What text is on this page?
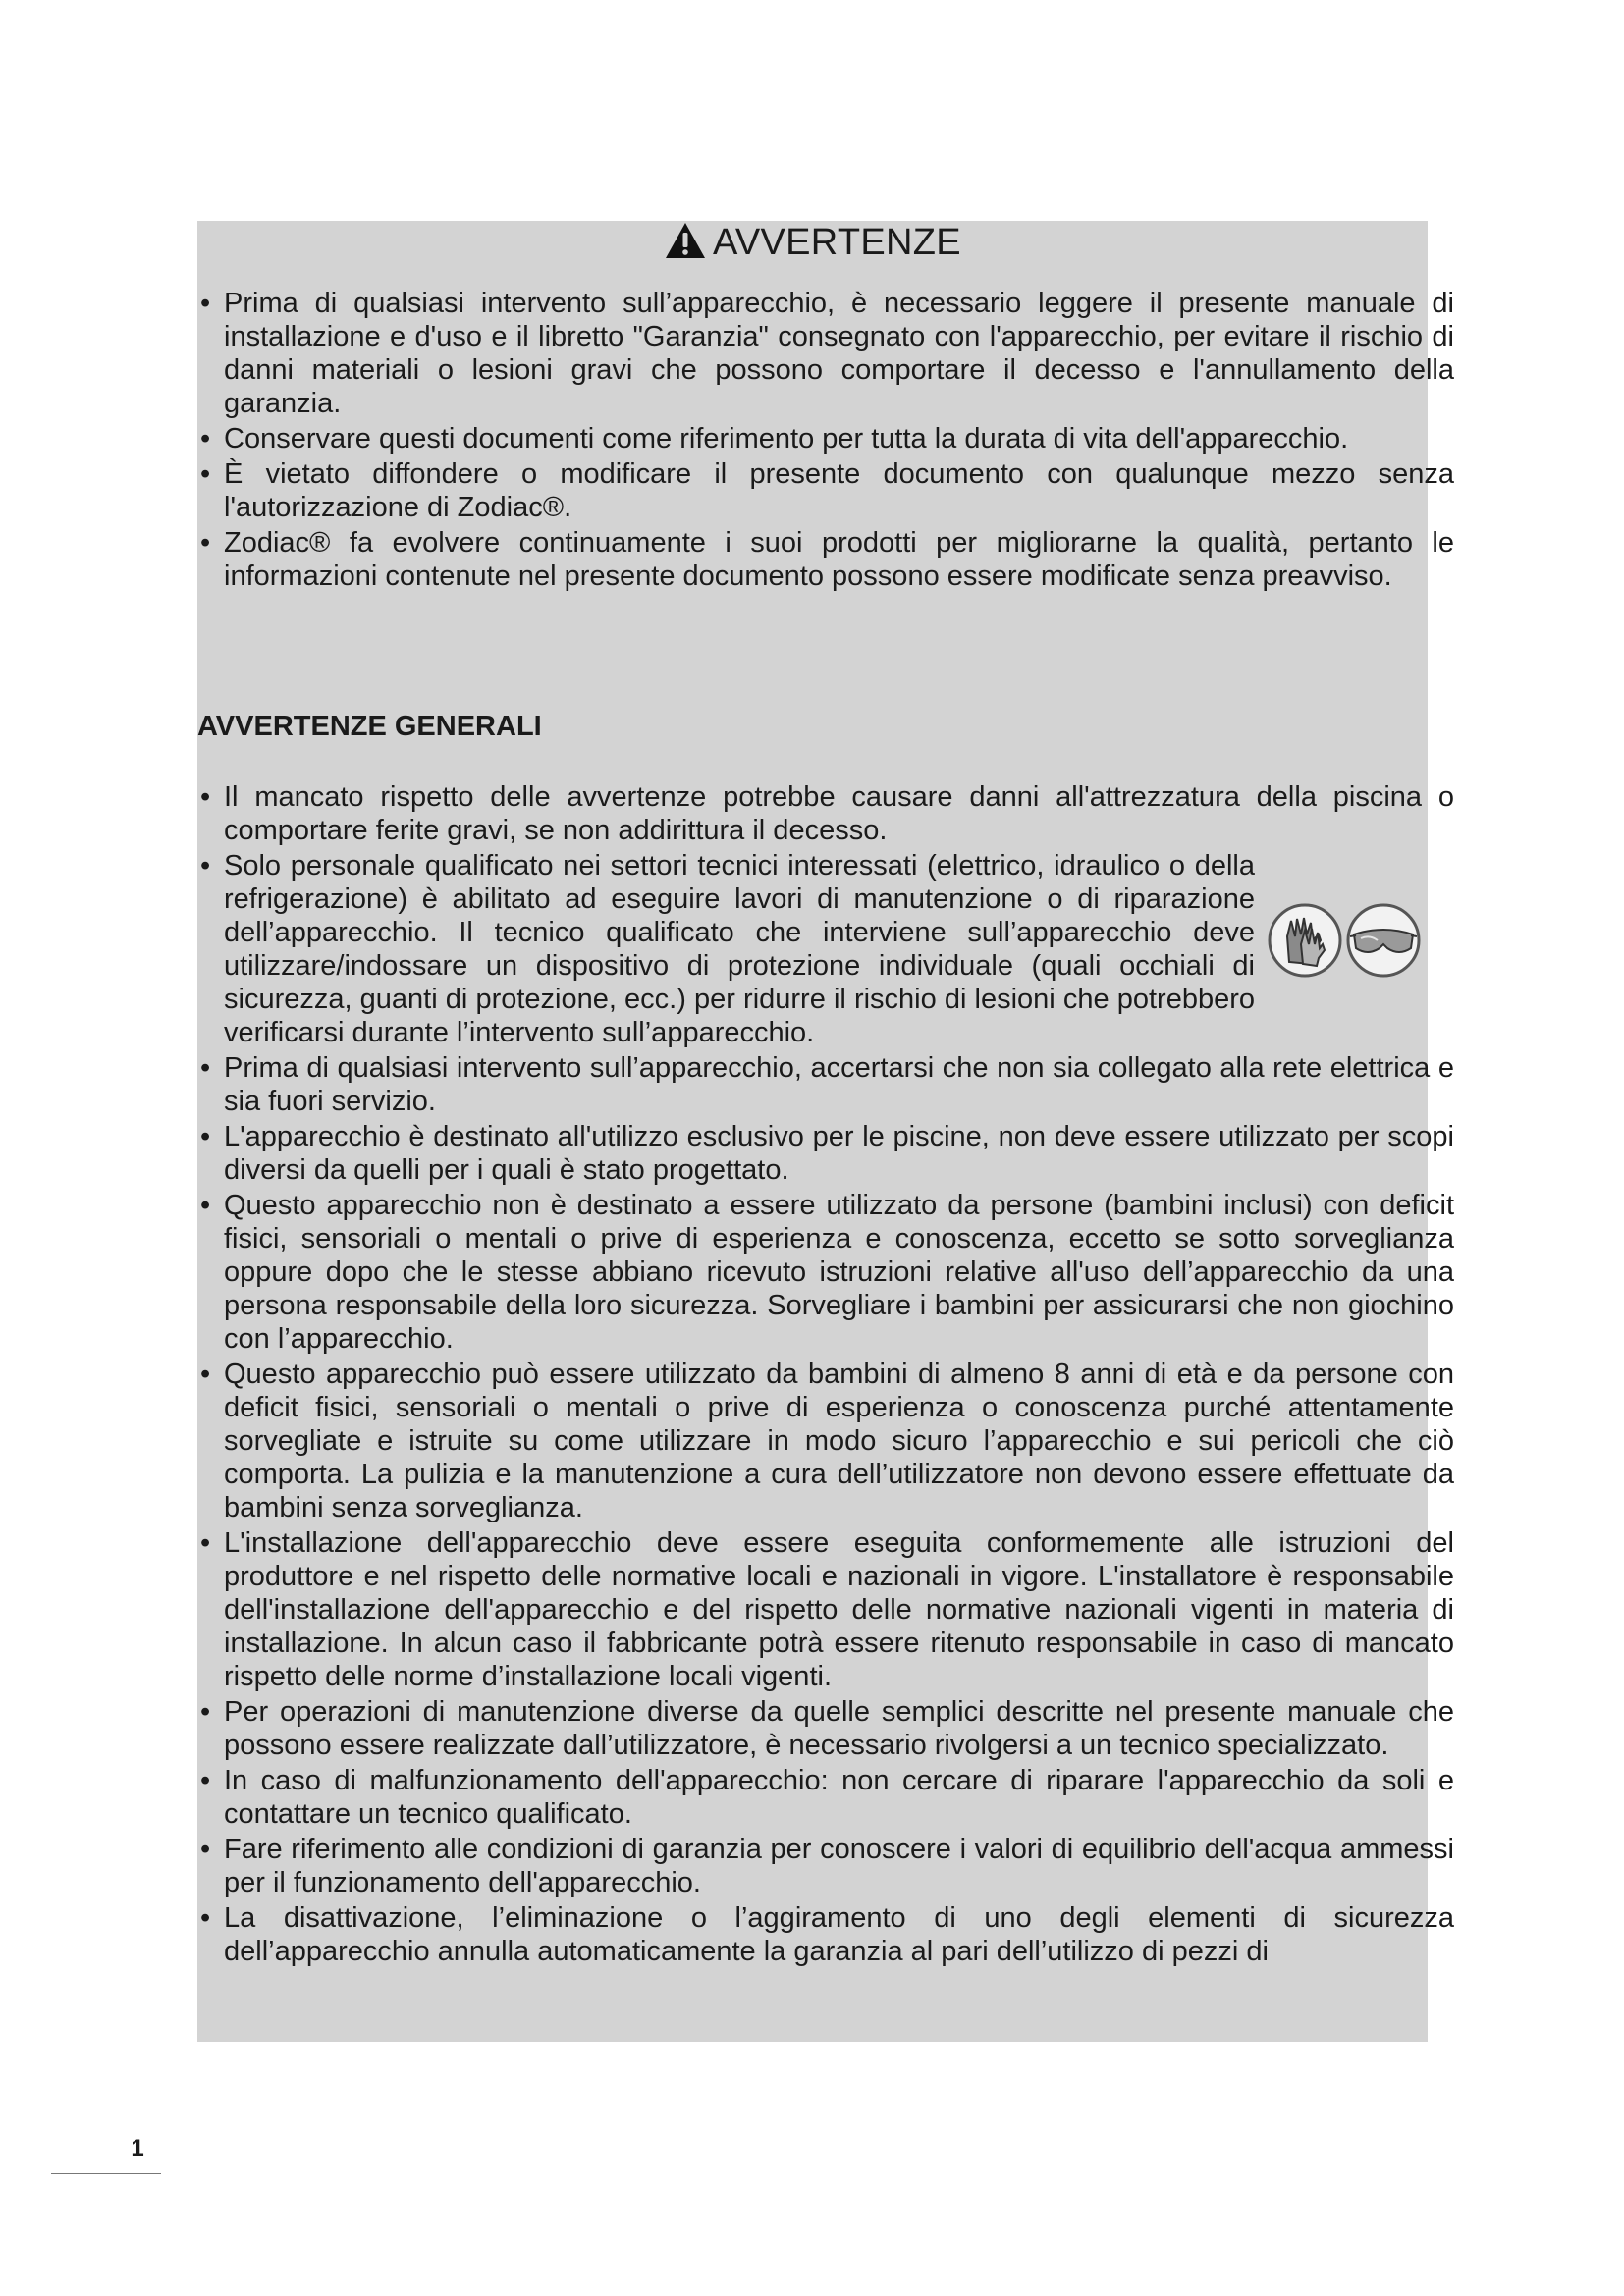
AVVERTENZE
• Prima di qualsiasi intervento sull’apparecchio, è necessario leggere il presente manuale di installazione e d'uso e il libretto "Garanzia" consegnato con l'apparecchio, per evitare il rischio di danni materiali o lesioni gravi che possono comportare il decesso e l'annullamento della garanzia.
• Conservare questi documenti come riferimento per tutta la durata di vita dell'apparecchio.
• È vietato diffondere o modificare il presente documento con qualunque mezzo senza l'autorizzazione di Zodiac®.
• Zodiac® fa evolvere continuamente i suoi prodotti per migliorarne la qualità, pertanto le informazioni contenute nel presente documento possono essere modificate senza preavviso.
AVVERTENZE GENERALI
• Il mancato rispetto delle avvertenze potrebbe causare danni all'attrezzatura della piscina o comportare ferite gravi, se non addirittura il decesso.
• Solo personale qualificato nei settori tecnici interessati (elettrico, idraulico o della refrigerazione) è abilitato ad eseguire lavori di manutenzione o di riparazione dell’apparecchio. Il tecnico qualificato che interviene sull’apparecchio deve utilizzare/indossare un dispositivo di protezione individuale (quali occhiali di sicurezza, guanti di protezione, ecc.) per ridurre il rischio di lesioni che potrebbero verificarsi durante l’intervento sull’apparecchio.
• Prima di qualsiasi intervento sull’apparecchio, accertarsi che non sia collegato alla rete elettrica e sia fuori servizio.
• L'apparecchio è destinato all'utilizzo esclusivo per le piscine, non deve essere utilizzato per scopi diversi da quelli per i quali è stato progettato.
• Questo apparecchio non è destinato a essere utilizzato da persone (bambini inclusi) con deficit fisici, sensoriali o mentali o prive di esperienza e conoscenza, eccetto se sotto sorveglianza oppure dopo che le stesse abbiano ricevuto istruzioni relative all'uso dell’apparecchio da una persona responsabile della loro sicurezza. Sorvegliare i bambini per assicurarsi che non giochino con l’apparecchio.
• Questo apparecchio può essere utilizzato da bambini di almeno 8 anni di età e da persone con deficit fisici, sensoriali o mentali o prive di esperienza o conoscenza purché attentamente sorvegliate e istruite su come utilizzare in modo sicuro l’apparecchio e sui pericoli che ciò comporta. La pulizia e la manutenzione a cura dell’utilizzatore non devono essere effettuate da bambini senza sorveglianza.
• L'installazione dell'apparecchio deve essere eseguita conformemente alle istruzioni del produttore e nel rispetto delle normative locali e nazionali in vigore. L'installatore è responsabile dell'installazione dell'apparecchio e del rispetto delle normative nazionali vigenti in materia di installazione. In alcun caso il fabbricante potrà essere ritenuto responsabile in caso di mancato rispetto delle norme d’installazione locali vigenti.
• Per operazioni di manutenzione diverse da quelle semplici descritte nel presente manuale che possono essere realizzate dall’utilizzatore, è necessario rivolgersi a un tecnico specializzato.
• In caso di malfunzionamento dell'apparecchio: non cercare di riparare l'apparecchio da soli e contattare un tecnico qualificato.
• Fare riferimento alle condizioni di garanzia per conoscere i valori di equilibrio dell'acqua ammessi per il funzionamento dell'apparecchio.
• La disattivazione, l’eliminazione o l’aggiramento di uno degli elementi di sicurezza dell’apparecchio annulla automaticamente la garanzia al pari dell’utilizzo di pezzi di
1
